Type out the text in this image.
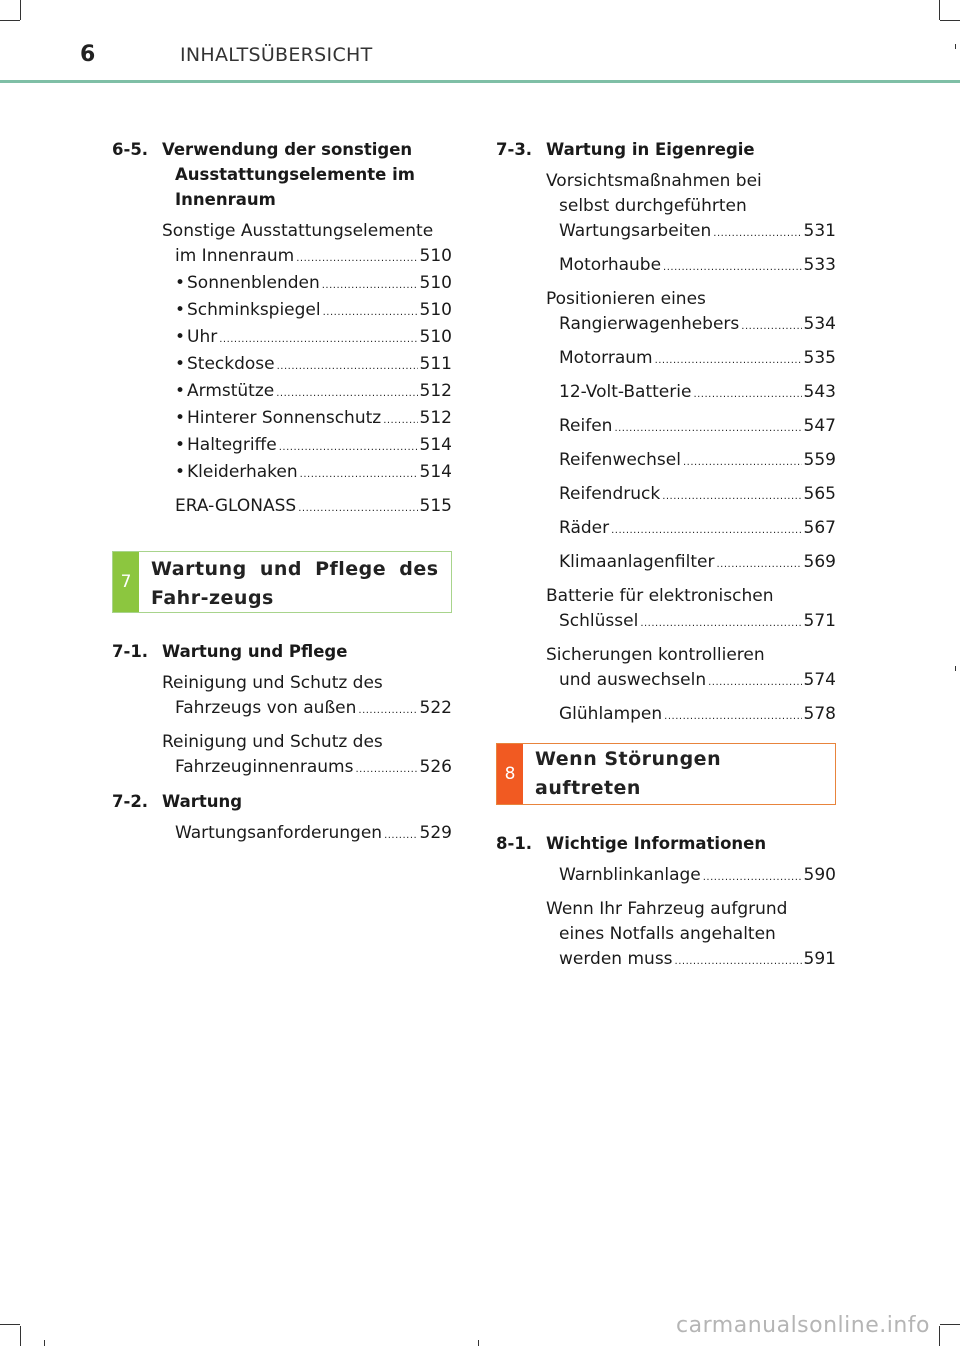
6	INHALTSÜBERSICHT
6-5. Verwendung der sonstigen
Ausstattungselemente im
Innenraum
Sonstige Ausstattungselemente
im Innenraum .....	510
• Sonnenblenden .....	510
• Schminkspiegel .....	510
• Uhr .....	510
• Steckdose .....	511
• Armstütze .....	512
• Hinterer Sonnenschutz ..... 512
• Haltegriffe .....	514
• Kleiderhaken .....	514
ERA-GLONASS .....	515
7
Wartung und Pflege des Fahr-zeugs
7-1. Wartung und Pflege
Reinigung und Schutz des
Fahrzeugs von außen .....	522
Reinigung und Schutz des
Fahrzeuginnenraums .....	526
7-2. Wartung
Wartungsanforderungen ..... 529
7-3. Wartung in Eigenregie
Vorsichtsmaßnahmen bei
selbst durchgeführten
Wartungsarbeiten .....	531
Motorhaube .....	533
Positionieren eines
Rangierwagenhebers .....	534
Motorraum .....	535
12-Volt-Batterie .....	543
Reifen .....	547
Reifenwechsel .....	559
Reifendruck .....	565
Räder .....	567
Klimaanlagenfilter .....	569
Batterie für elektronischen
Schlüssel .....	571
Sicherungen kontrollieren
und auswechseln .....	574
Glühlampen .....	578
8
Wenn Störungen auftreten
8-1. Wichtige Informationen
Warnblinkanlage .....	590
Wenn Ihr Fahrzeug aufgrund
eines Notfalls angehalten
werden muss .....	591
carmanualsonline.info
